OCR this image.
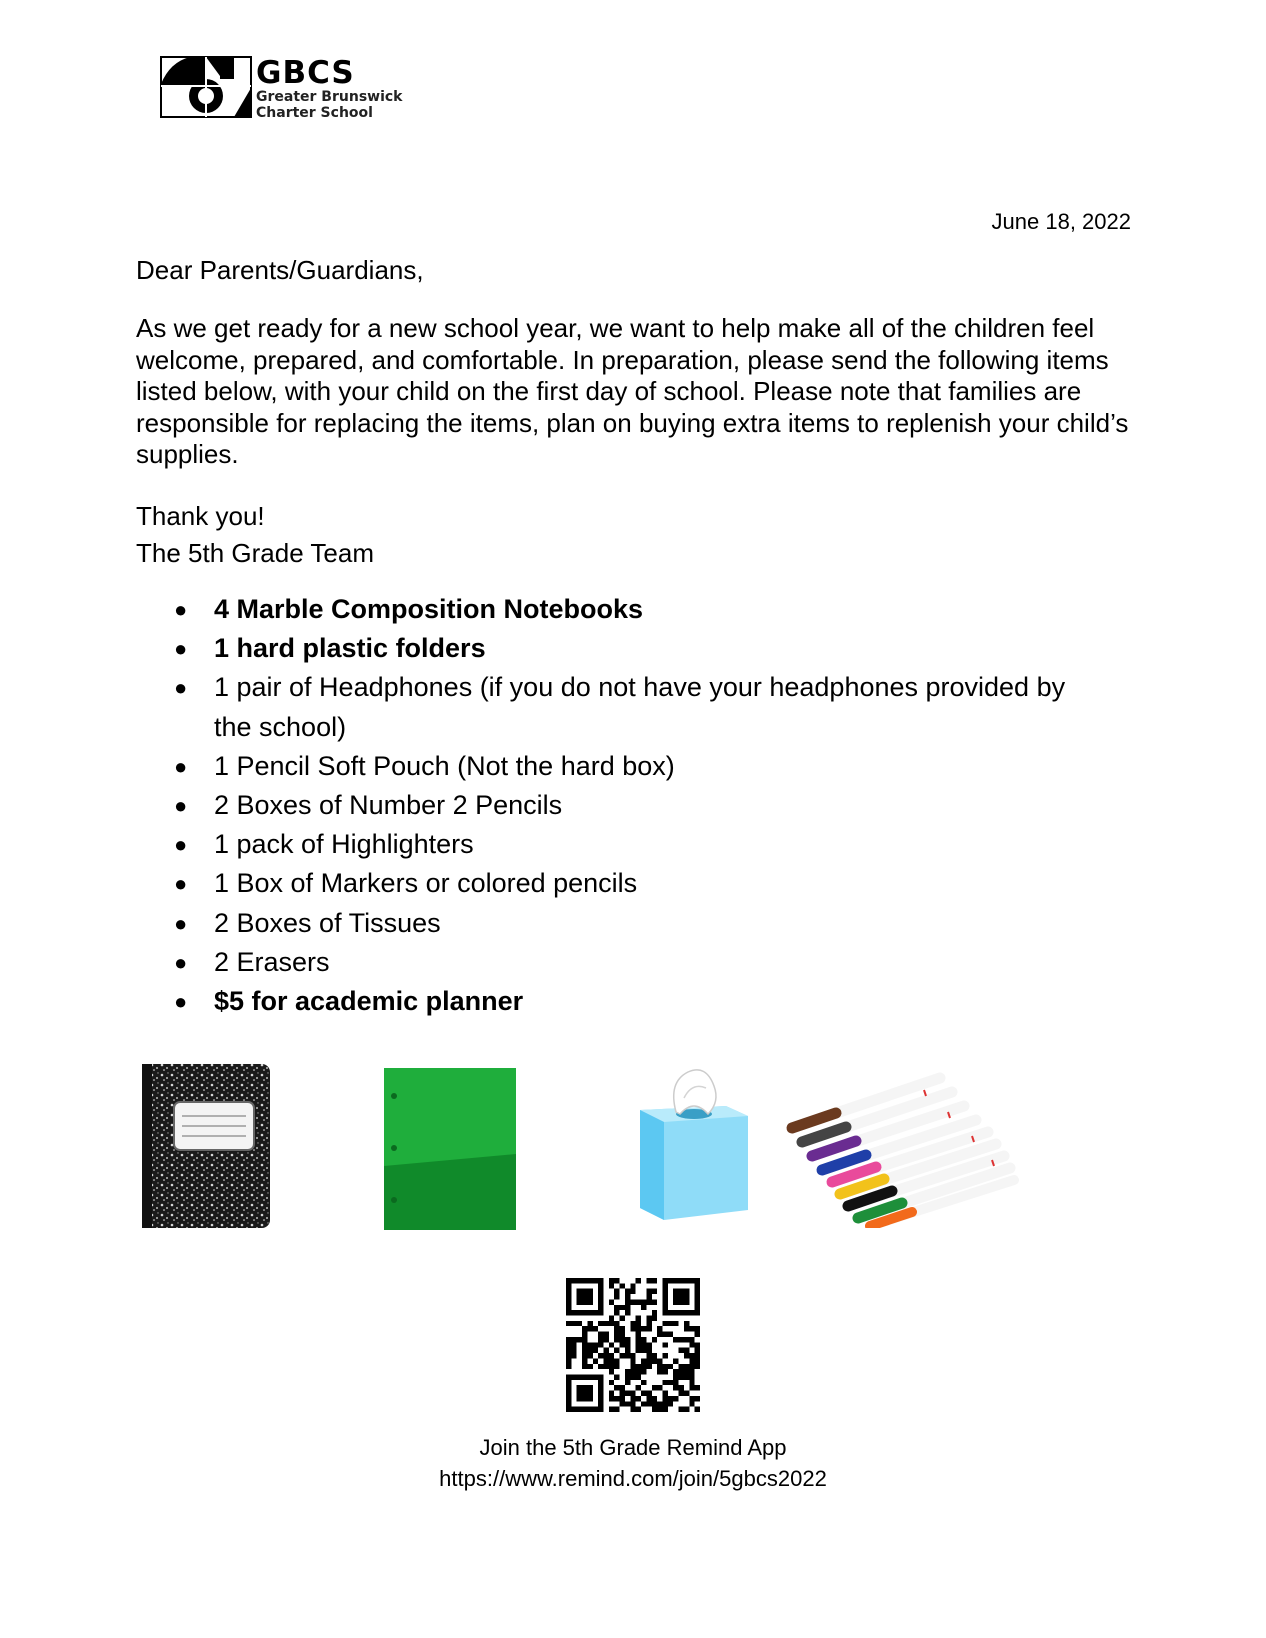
GBCS
Greater Brunswick
Charter School
June 18, 2022

Dear Parents/Guardians,

As we get ready for a new school year, we want to help make all of the children feel welcome, prepared, and comfortable. In preparation, please send the following items listed below, with your child on the first day of school. Please note that families are responsible for replacing the items, plan on buying extra items to replenish your child’s supplies.

Thank you!
The 5th Grade Team
● 4 Marble Composition Notebooks
● 1 hard plastic folders
● 1 pair of Headphones (if you do not have your headphones provided by the school)
● 1 Pencil Soft Pouch (Not the hard box)
● 2 Boxes of Number 2 Pencils
● 1 pack of Highlighters
● 1 Box of Markers or colored pencils
● 2 Boxes of Tissues
● 2 Erasers
● $5 for academic planner
Join the 5th Grade Remind App
https://www.remind.com/join/5gbcs2022
